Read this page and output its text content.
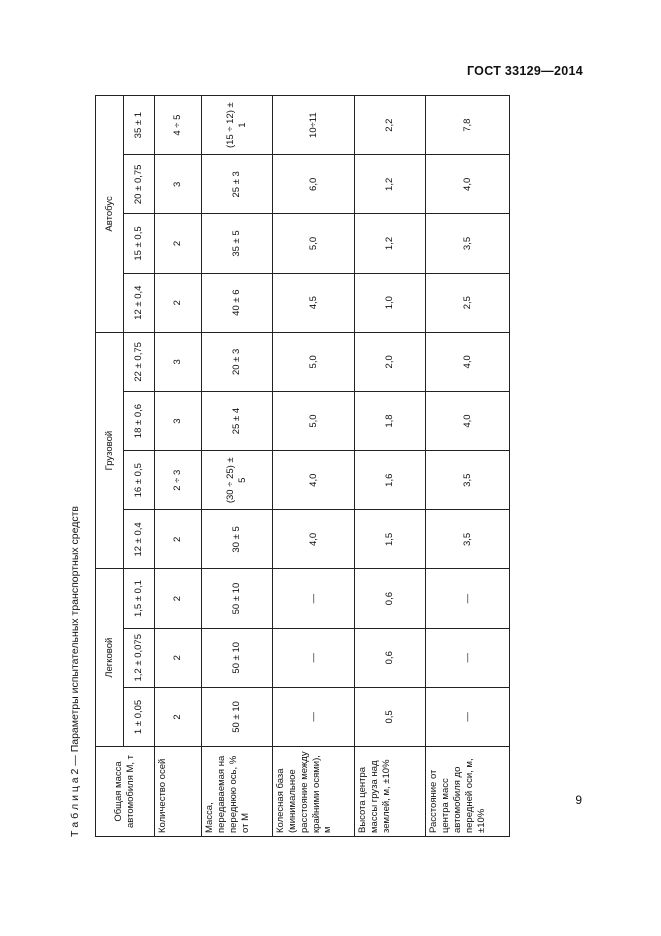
ГОСТ 33129—2014
Т а б л и ц а 2 — Параметры испытательных транспортных средств	Общая масса автомобиля M, т	Легковой			Грузовой				Автобус			
	1 ± 0,05	1,2 ± 0,075	1,5 ± 0,1	12 ± 0,4	16 ± 0,5	18 ± 0,6	22 ± 0,75	12 ± 0,4	15 ± 0,5	20 ± 0,75	35 ± 1
Количество осей	2	2	2	2	2 ÷ 3	3	3	2	2	3	4 ÷ 5
Масса, передаваемая на переднюю ось, % от M	50 ± 10	50 ± 10	50 ± 10	30 ± 5	(30 ÷ 25) ± 5	25 ± 4	20 ± 3	40 ± 6	35 ± 5	25 ± 3	(15 ÷ 12) ± 1
Колесная база (минимальное расстояние между крайними осями), м	—	—	—	4,0	4,0	5,0	5,0	4,5	5,0	6,0	10÷11
Высота центра массы груза над землей, м, ±10%	0,5	0,6	0,6	1,5	1,6	1,8	2,0	1,0	1,2	1,2	2,2
Расстояние от центра масс автомобиля до передней оси, м, ±10%	—	—	—	3,5	3,5	4,0	4,0	2,5	3,5	4,0	7,8
9
